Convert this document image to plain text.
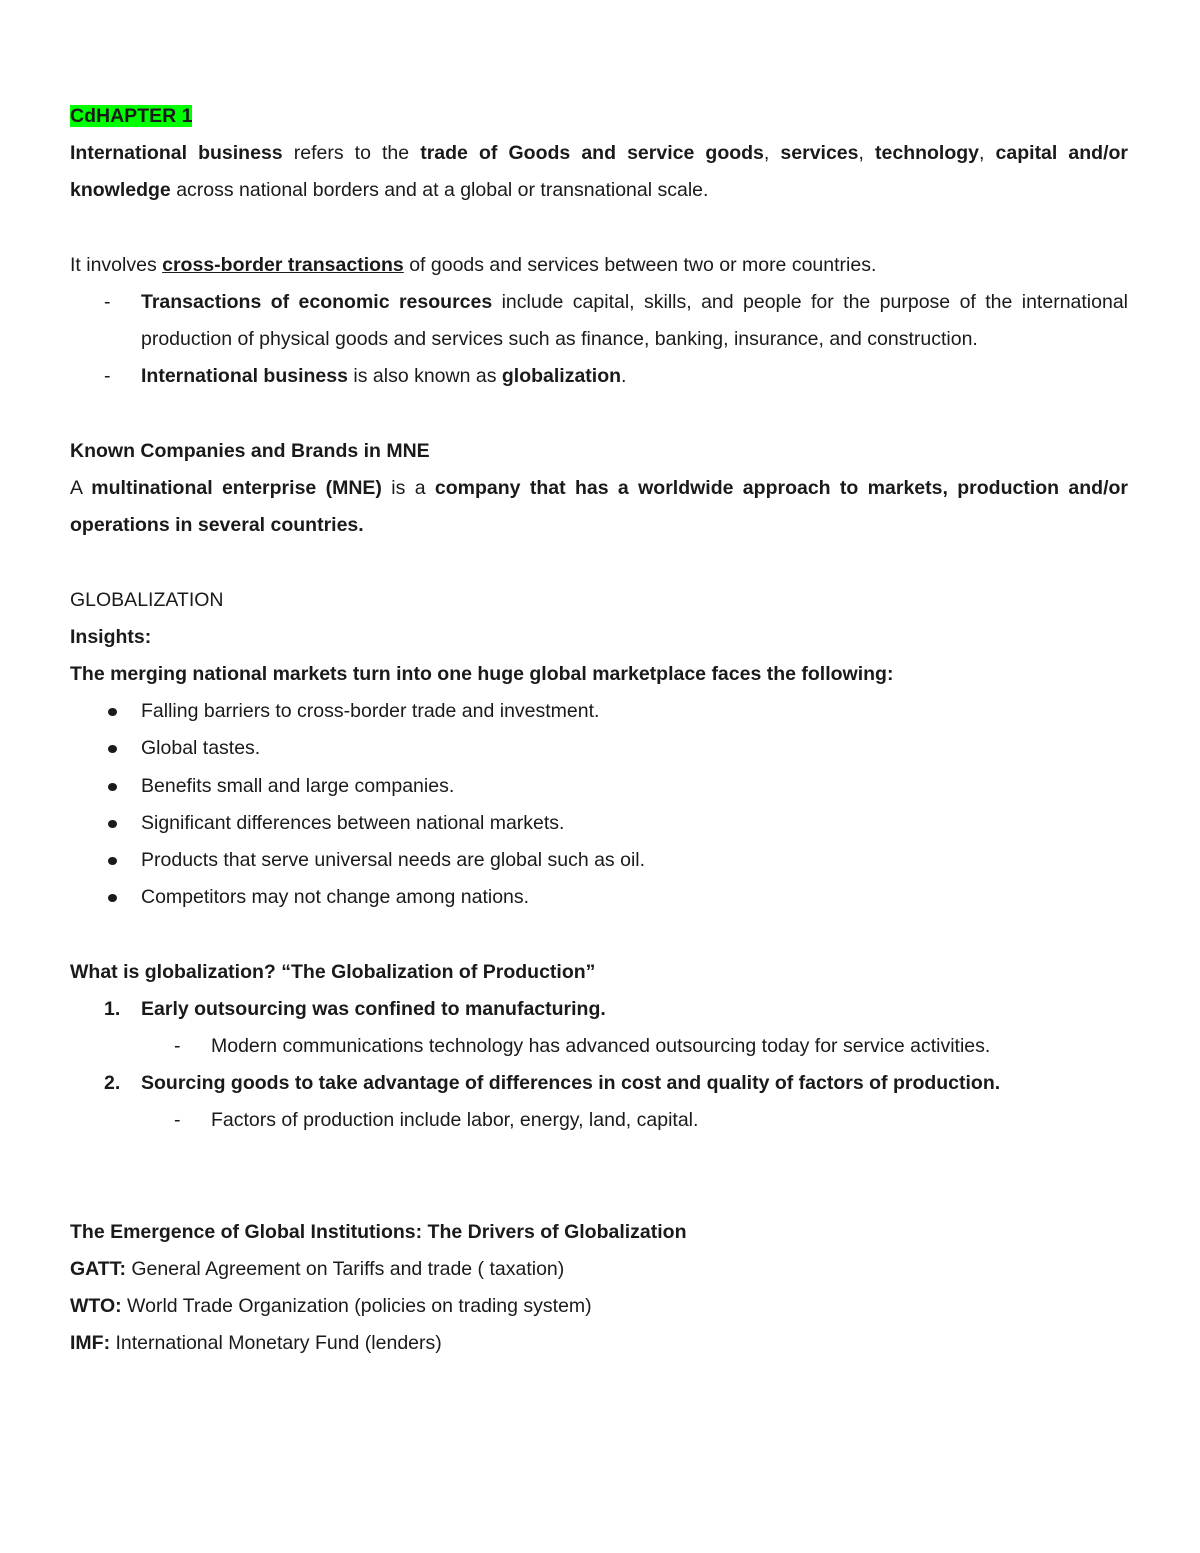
CdHAPTER 1

International business refers to the trade of Goods and service goods, services, technology, capital and/or knowledge across national borders and at a global or transnational scale.

It involves cross-border transactions of goods and services between two or more countries.

-	Transactions of economic resources include capital, skills, and people for the purpose of the international production of physical goods and services such as finance, banking, insurance, and construction.
-	International business is also known as globalization.

Known Companies and Brands in MNE

A multinational enterprise (MNE) is a company that has a worldwide approach to markets, production and/or operations in several countries.

GLOBALIZATION

Insights:

The merging national markets turn into one huge global marketplace faces the following:

Falling barriers to cross-border trade and investment.
Global tastes.
Benefits small and large companies.
Significant differences between national markets.
Products that serve universal needs are global such as oil.
Competitors may not change among nations.

What is globalization? “The Globalization of Production”

1.	Early outsourcing was confined to manufacturing.
-	Modern communications technology has advanced outsourcing today for service activities.
2.	Sourcing goods to take advantage of differences in cost and quality of factors of production.
-	Factors of production include labor, energy, land, capital.

The Emergence of Global Institutions: The Drivers of Globalization

GATT: General Agreement on Tariffs and trade ( taxation)

WTO: World Trade Organization (policies on trading system)

IMF: International Monetary Fund (lenders)
